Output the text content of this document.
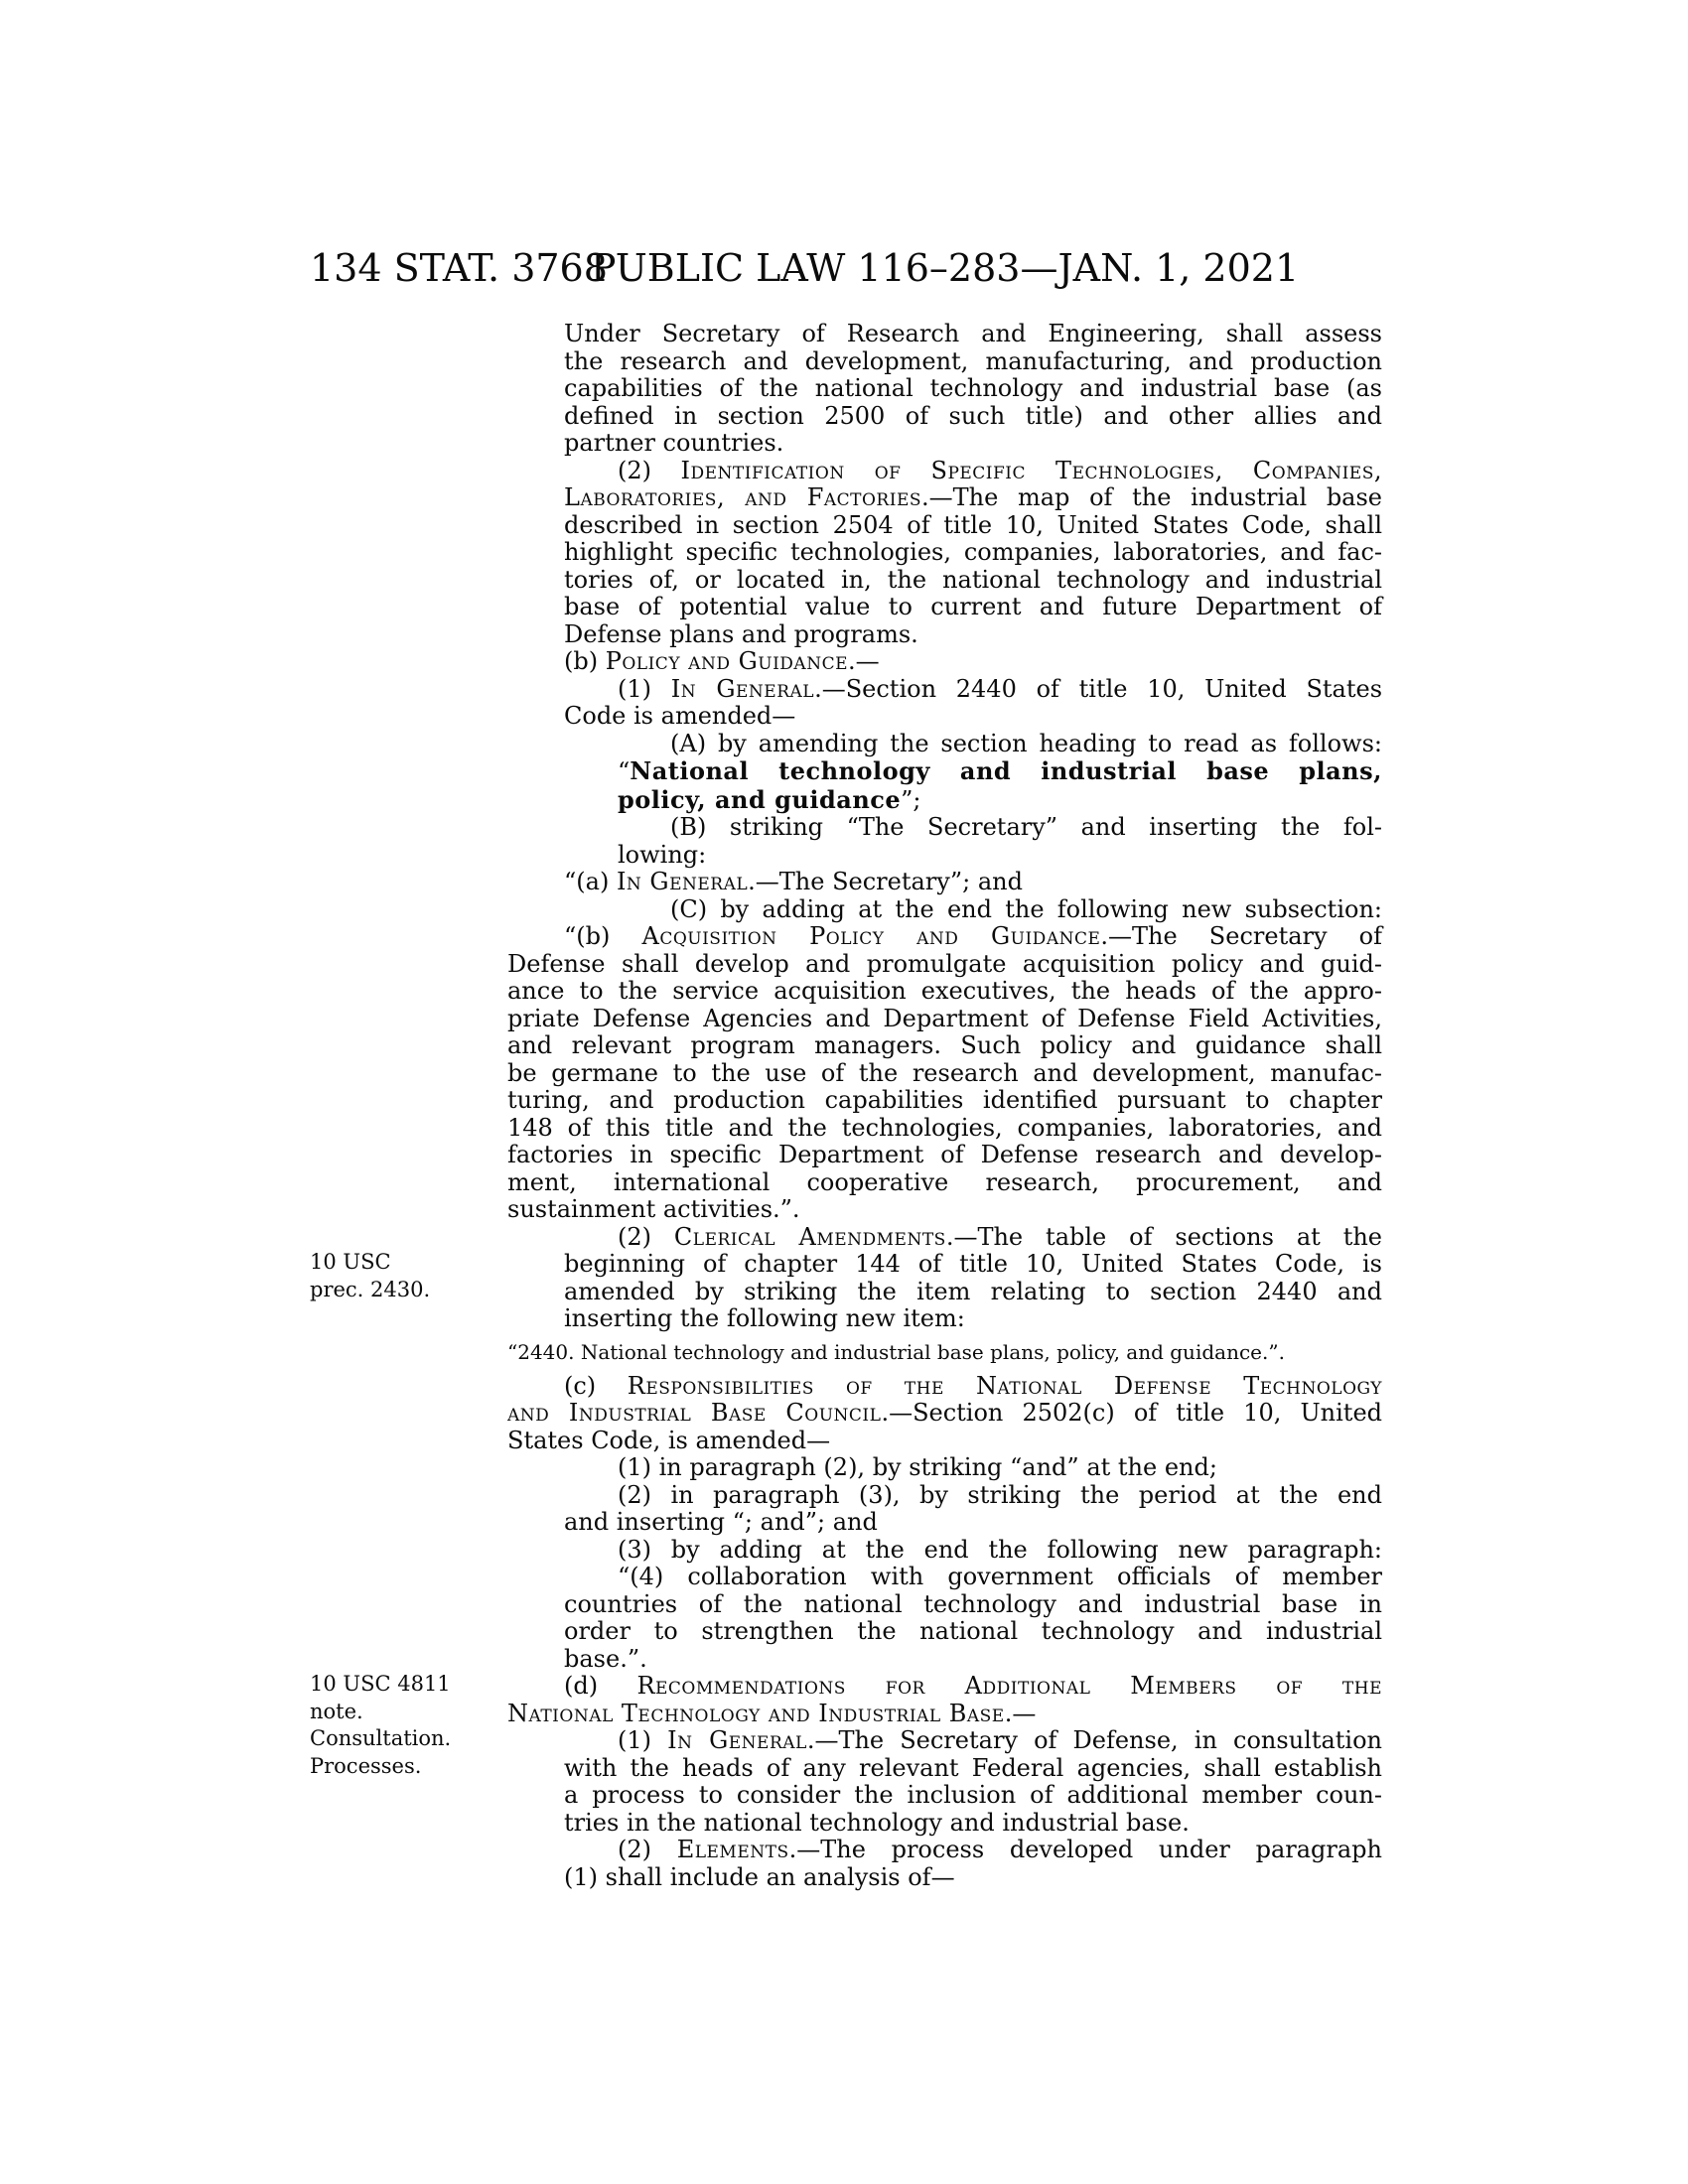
134 STAT. 3768
PUBLIC LAW 116–283—JAN. 1, 2021
10 USC
prec. 2430.
10 USC 4811
note.
Consultation.
Processes.
Under Secretary of Research and Engineering, shall assess
the research and development, manufacturing, and production
capabilities of the national technology and industrial base (as
defined in section 2500 of such title) and other allies and
partner countries.
(2) Identification of Specific Technologies, Companies,
Laboratories, and Factories.—The map of the industrial base
described in section 2504 of title 10, United States Code, shall
highlight specific technologies, companies, laboratories, and fac-
tories of, or located in, the national technology and industrial
base of potential value to current and future Department of
Defense plans and programs.
(b) Policy and Guidance.—
(1) In General.—Section 2440 of title 10, United States
Code is amended—
(A) by amending the section heading to read as follows:
“National technology and industrial base plans,
policy, and guidance”;
(B) striking “The Secretary” and inserting the fol-
lowing:
“(a) In General.—The Secretary”; and
(C) by adding at the end the following new subsection:
“(b) Acquisition Policy and Guidance.—The Secretary of
Defense shall develop and promulgate acquisition policy and guid-
ance to the service acquisition executives, the heads of the appro-
priate Defense Agencies and Department of Defense Field Activities,
and relevant program managers. Such policy and guidance shall
be germane to the use of the research and development, manufac-
turing, and production capabilities identified pursuant to chapter
148 of this title and the technologies, companies, laboratories, and
factories in specific Department of Defense research and develop-
ment, international cooperative research, procurement, and
sustainment activities.”.
(2) Clerical Amendments.—The table of sections at the
beginning of chapter 144 of title 10, United States Code, is
amended by striking the item relating to section 2440 and
inserting the following new item:
“2440. National technology and industrial base plans, policy, and guidance.”.
(c) Responsibilities of the National Defense Technology
and Industrial Base Council.—Section 2502(c) of title 10, United
States Code, is amended—
(1) in paragraph (2), by striking “and” at the end;
(2) in paragraph (3), by striking the period at the end
and inserting “; and”; and
(3) by adding at the end the following new paragraph:
“(4) collaboration with government officials of member
countries of the national technology and industrial base in
order to strengthen the national technology and industrial
base.”.
(d) Recommendations for Additional Members of the
National Technology and Industrial Base.—
(1) In General.—The Secretary of Defense, in consultation
with the heads of any relevant Federal agencies, shall establish
a process to consider the inclusion of additional member coun-
tries in the national technology and industrial base.
(2) Elements.—The process developed under paragraph
(1) shall include an analysis of—
